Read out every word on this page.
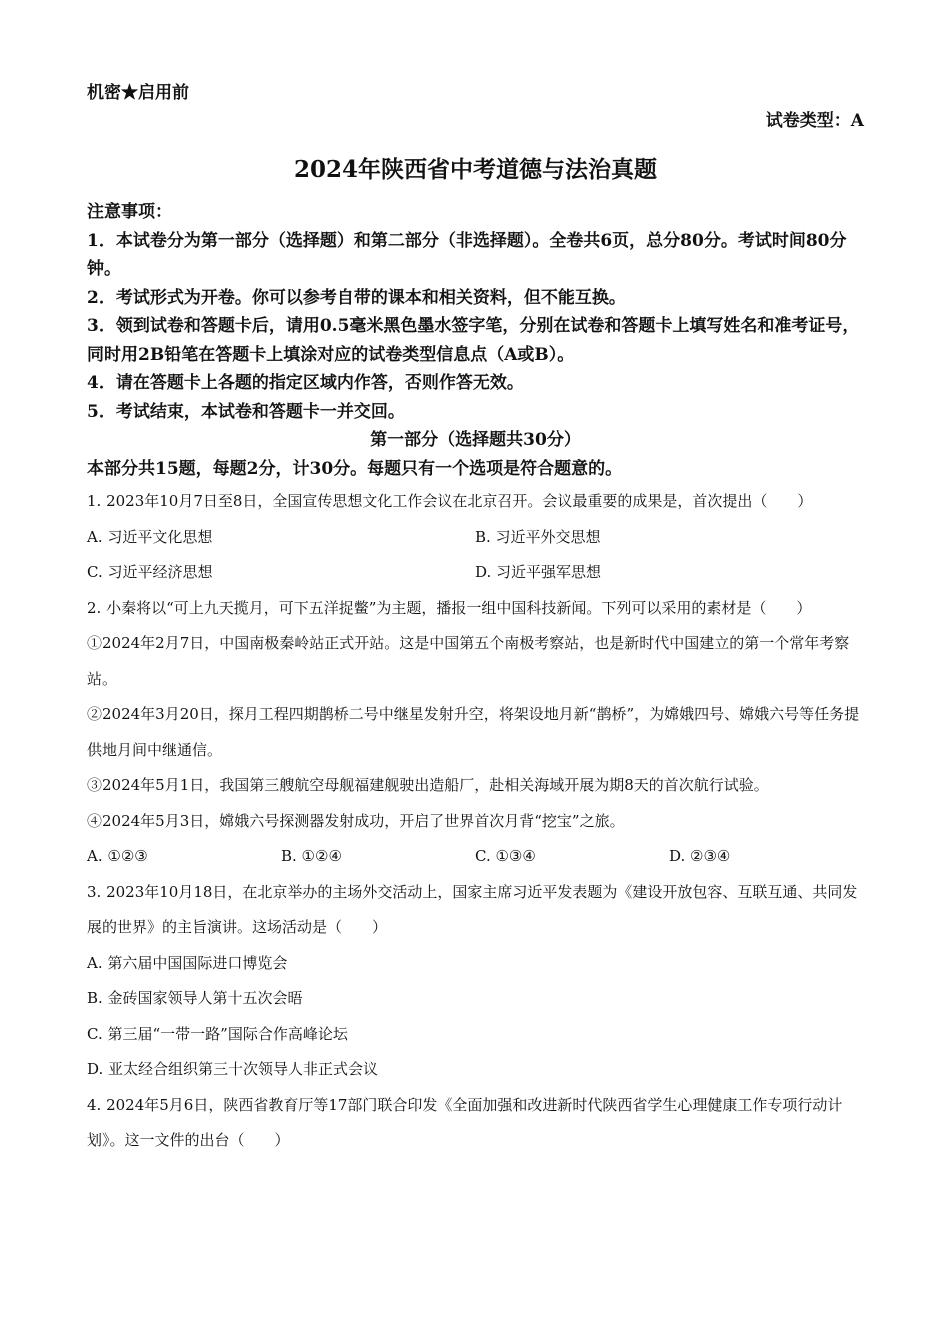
机密★启用前
试卷类型：A
2024年陕西省中考道德与法治真题

注意事项：

1．本试卷分为第一部分（选择题）和第二部分（非选择题）。全卷共6页，总分80分。考试时间80分钟。

2．考试形式为开卷。你可以参考自带的课本和相关资料，但不能互换。

3．领到试卷和答题卡后，请用0.5毫米黑色墨水签字笔，分别在试卷和答题卡上填写姓名和准考证号，同时用2B铅笔在答题卡上填涂对应的试卷类型信息点（A或B）。

4．请在答题卡上各题的指定区域内作答，否则作答无效。

5．考试结束，本试卷和答题卡一并交回。

第一部分（选择题共30分）
本部分共15题，每题2分，计30分。每题只有一个选项是符合题意的。

1. 2023年10月7日至8日，全国宣传思想文化工作会议在北京召开。会议最重要的成果是，首次提出（　　）

A. 习近平文化思想	B. 习近平外交思想
C. 习近平经济思想	D. 习近平强军思想

2. 小秦将以“可上九天揽月，可下五洋捉鳖”为主题，播报一组中国科技新闻。下列可以采用的素材是（　　）

①2024年2月7日，中国南极秦岭站正式开站。这是中国第五个南极考察站，也是新时代中国建立的第一个常年考察站。

②2024年3月20日，探月工程四期鹊桥二号中继星发射升空，将架设地月新“鹊桥”，为嫦娥四号、嫦娥六号等任务提供地月间中继通信。

③2024年5月1日，我国第三艘航空母舰福建舰驶出造船厂，赴相关海域开展为期8天的首次航行试验。

④2024年5月3日，嫦娥六号探测器发射成功，开启了世界首次月背“挖宝”之旅。

A. ①②③	B. ①②④	C. ①③④	D. ②③④

3. 2023年10月18日，在北京举办的主场外交活动上，国家主席习近平发表题为《建设开放包容、互联互通、共同发展的世界》的主旨演讲。这场活动是（　　）

A. 第六届中国国际进口博览会

B. 金砖国家领导人第十五次会晤

C. 第三届“一带一路”国际合作高峰论坛

D. 亚太经合组织第三十次领导人非正式会议

4. 2024年5月6日，陕西省教育厅等17部门联合印发《全面加强和改进新时代陕西省学生心理健康工作专项行动计划》。这一文件的出台（　　）
